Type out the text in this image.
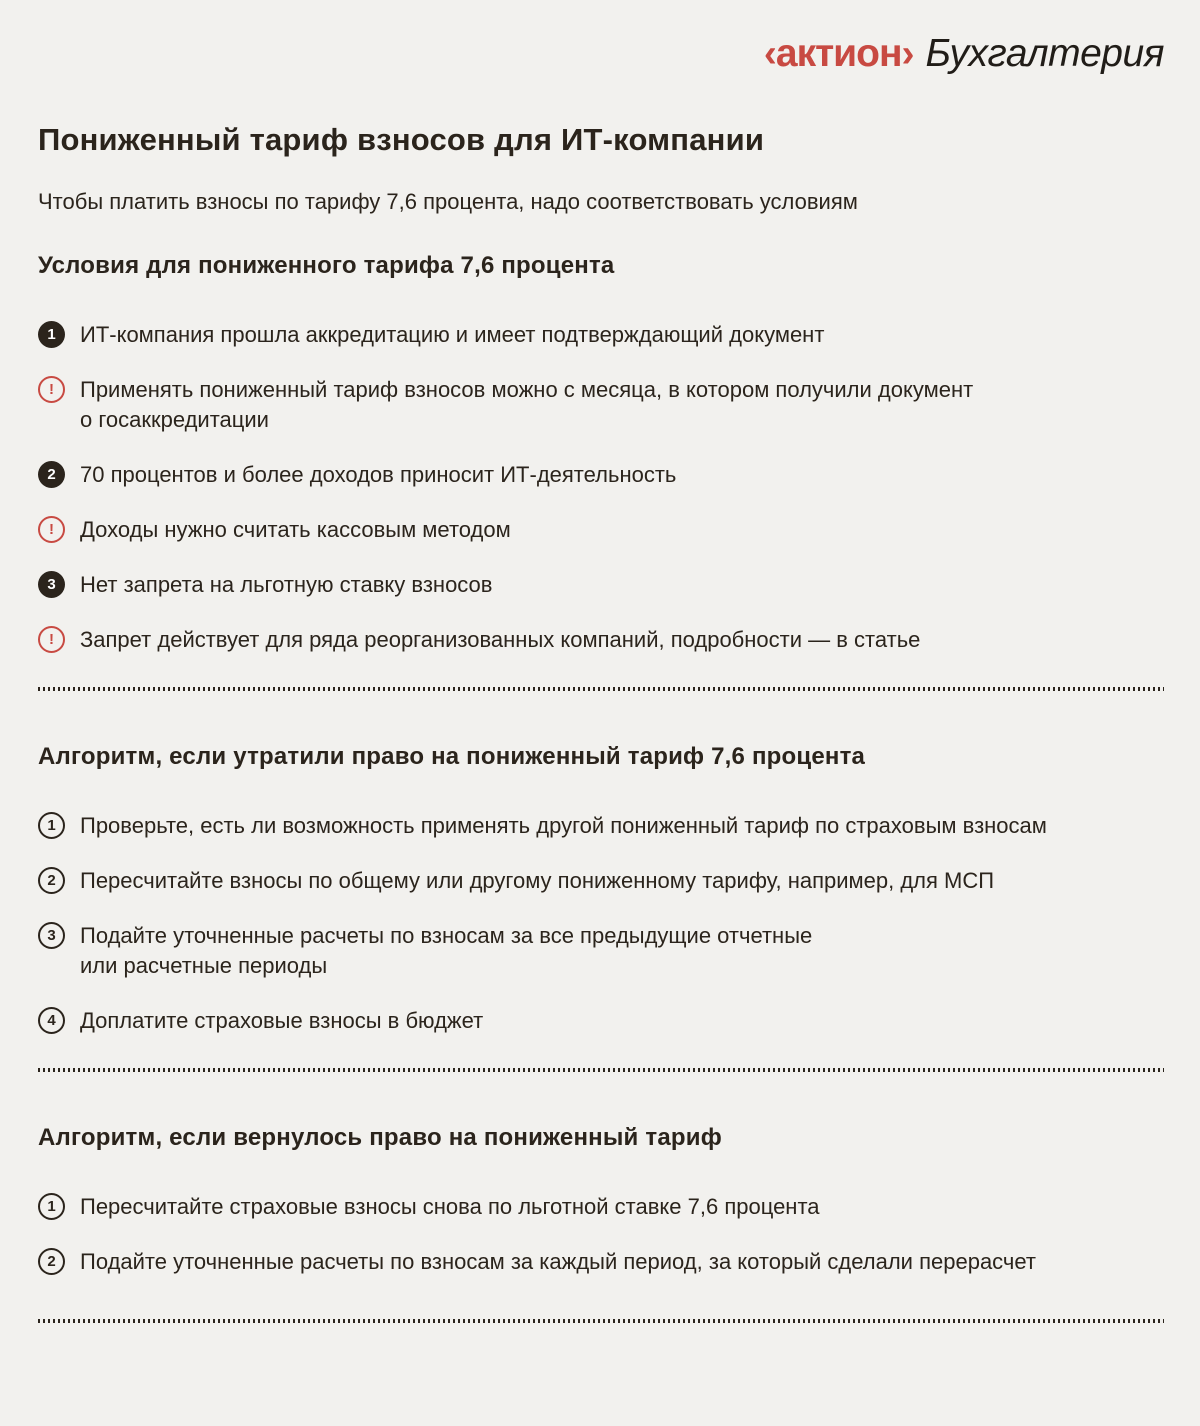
‹актион› Бухгалтерия
Пониженный тариф взносов для ИТ-компании

Чтобы платить взносы по тарифу 7,6 процента, надо соответствовать условиям

Условия для пониженного тарифа 7,6 процента
1	ИТ-компания прошла аккредитацию и имеет подтверждающий документ
!	Применять пониженный тариф взносов можно с месяца, в котором получили документ
о госаккредитации
2	70 процентов и более доходов приносит ИТ-деятельность
!	Доходы нужно считать кассовым методом
3	Нет запрета на льготную ставку взносов
!	Запрет действует для ряда реорганизованных компаний, подробности — в статье
Алгоритм, если утратили право на пониженный тариф 7,6 процента
1	Проверьте, есть ли возможность применять другой пониженный тариф по страховым взносам
2	Пересчитайте взносы по общему или другому пониженному тарифу, например, для МСП
3	Подайте уточненные расчеты по взносам за все предыдущие отчетные
или расчетные периоды
4	Доплатите страховые взносы в бюджет
Алгоритм, если вернулось право на пониженный тариф
1	Пересчитайте страховые взносы снова по льготной ставке 7,6 процента
2	Подайте уточненные расчеты по взносам за каждый период, за который сделали перерасчет
